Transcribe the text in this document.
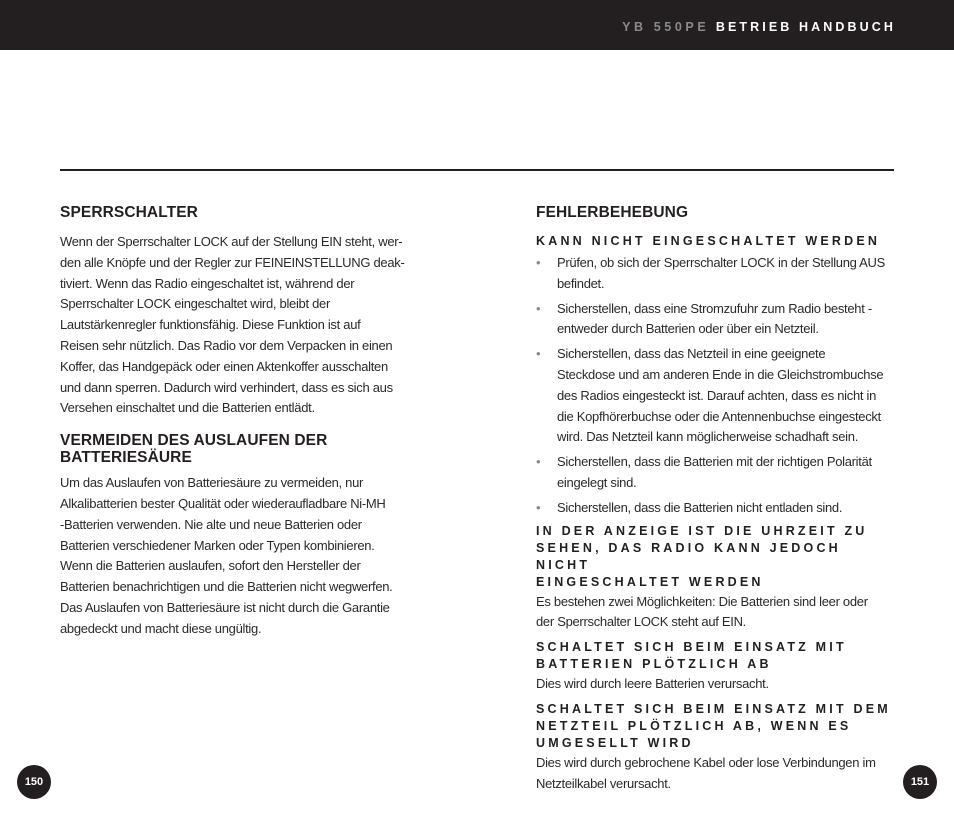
YB 550PE BETRIEB HANDBUCH
SPERRSCHALTER

Wenn der Sperrschalter LOCK auf der Stellung EIN steht, wer-

den alle Knöpfe und der Regler zur FEINEINSTELLUNG deak-

tiviert. Wenn das Radio eingeschaltet ist, während der

Sperrschalter LOCK eingeschaltet wird, bleibt der

Lautstärkenregler funktionsfähig. Diese Funktion ist auf

Reisen sehr nützlich. Das Radio vor dem Verpacken in einen

Koffer, das Handgepäck oder einen Aktenkoffer ausschalten

und dann sperren. Dadurch wird verhindert, dass es sich aus

Versehen einschaltet und die Batterien entlädt.

VERMEIDEN DES AUSLAUFEN DER
BATTERIESÄURE

Um das Auslaufen von Batteriesäure zu vermeiden, nur

Alkalibatterien bester Qualität oder wiederaufladbare Ni-MH

-Batterien verwenden. Nie alte und neue Batterien oder

Batterien verschiedener Marken oder Typen kombinieren.

Wenn die Batterien auslaufen, sofort den Hersteller der

Batterien benachrichtigen und die Batterien nicht wegwerfen.

Das Auslaufen von Batteriesäure ist nicht durch die Garantie

abgedeckt und macht diese ungültig.

FEHLERBEHEBUNG
KANN NICHT EINGESCHALTET WERDEN
• Prüfen, ob sich der Sperrschalter LOCK in der Stellung AUS
befindet.
• Sicherstellen, dass eine Stromzufuhr zum Radio besteht -
entweder durch Batterien oder über ein Netzteil.
• Sicherstellen, dass das Netzteil in eine geeignete
Steckdose und am anderen Ende in die Gleichstrombuchse
des Radios eingesteckt ist. Darauf achten, dass es nicht in
die Kopfhörerbuchse oder die Antennenbuchse eingesteckt
wird. Das Netzteil kann möglicherweise schadhaft sein.
• Sicherstellen, dass die Batterien mit der richtigen Polarität
eingelegt sind.
• Sicherstellen, dass die Batterien nicht entladen sind.
IN DER ANZEIGE IST DIE UHRZEIT ZU
SEHEN, DAS RADIO KANN JEDOCH NICHT
EINGESCHALTET WERDEN

Es bestehen zwei Möglichkeiten: Die Batterien sind leer oder

der Sperrschalter LOCK steht auf EIN.

SCHALTET SICH BEIM EINSATZ MIT
BATTERIEN PLÖTZLICH AB

Dies wird durch leere Batterien verursacht.

SCHALTET SICH BEIM EINSATZ MIT DEM
NETZTEIL PLÖTZLICH AB, WENN ES
UMGESELLT WIRD

Dies wird durch gebrochene Kabel oder lose Verbindungen im

Netzteilkabel verursacht.

150	151
